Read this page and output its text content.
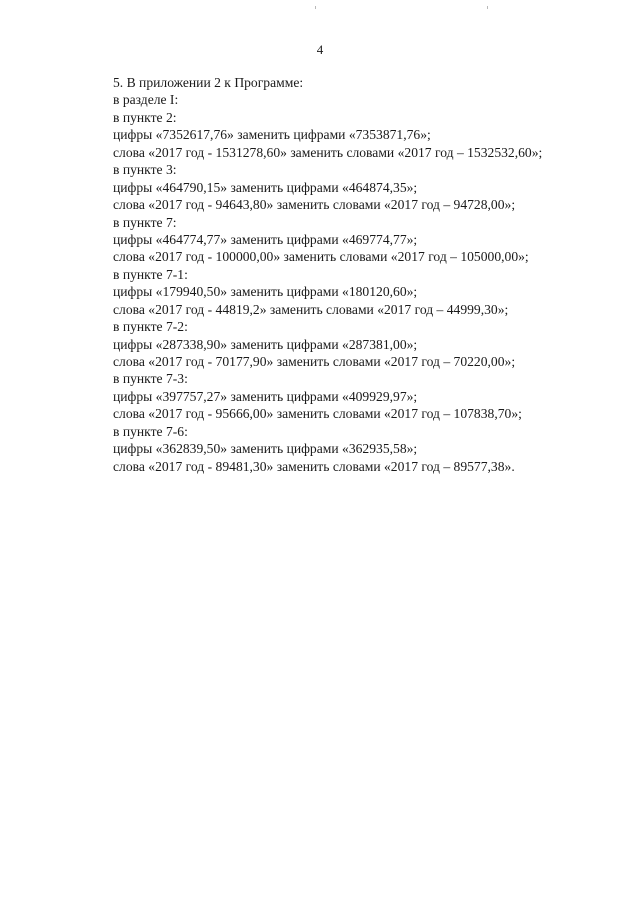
4
5. В приложении 2 к Программе:
в разделе I:
в пункте 2:
цифры «7352617,76» заменить цифрами «7353871,76»;
слова «2017 год - 1531278,60» заменить словами «2017 год – 1532532,60»;
в пункте 3:
цифры «464790,15» заменить цифрами «464874,35»;
слова «2017 год - 94643,80» заменить словами «2017 год – 94728,00»;
в пункте 7:
цифры «464774,77» заменить цифрами «469774,77»;
слова «2017 год - 100000,00» заменить словами «2017 год – 105000,00»;
в пункте 7-1:
цифры «179940,50» заменить цифрами «180120,60»;
слова «2017 год - 44819,2» заменить словами «2017 год – 44999,30»;
в пункте 7-2:
цифры «287338,90» заменить цифрами «287381,00»;
слова «2017 год - 70177,90» заменить словами «2017 год – 70220,00»;
в пункте 7-3:
цифры «397757,27» заменить цифрами «409929,97»;
слова «2017 год - 95666,00» заменить словами «2017 год – 107838,70»;
в пункте 7-6:
цифры «362839,50» заменить цифрами «362935,58»;
слова «2017 год - 89481,30» заменить словами «2017 год – 89577,38».
